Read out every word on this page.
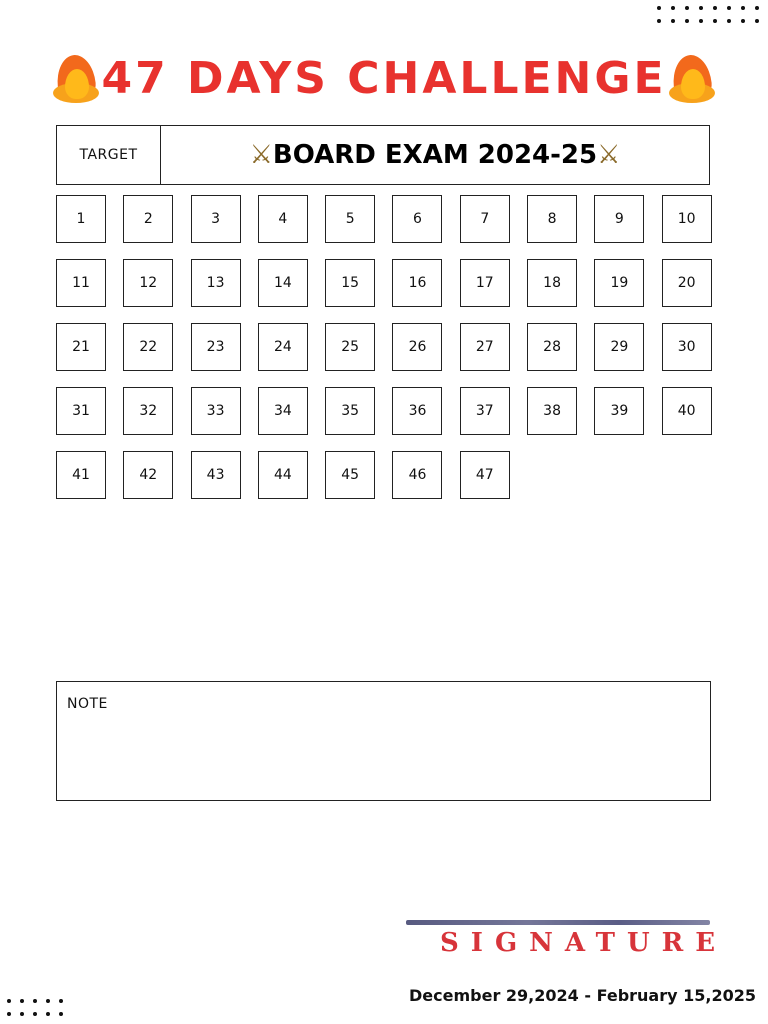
47 DAYS CHALLENGE
TARGET	⚔ BOARD EXAM 2024-25 ⚔
1	2	3	4	5	6	7	8	9	10
11	12	13	14	15	16	17	18	19	20
21	22	23	24	25	26	27	28	29	30
31	32	33	34	35	36	37	38	39	40
41	42	43	44	45	46	47
NOTE
SIGNATURE
December 29,2024 - February 15,2025
